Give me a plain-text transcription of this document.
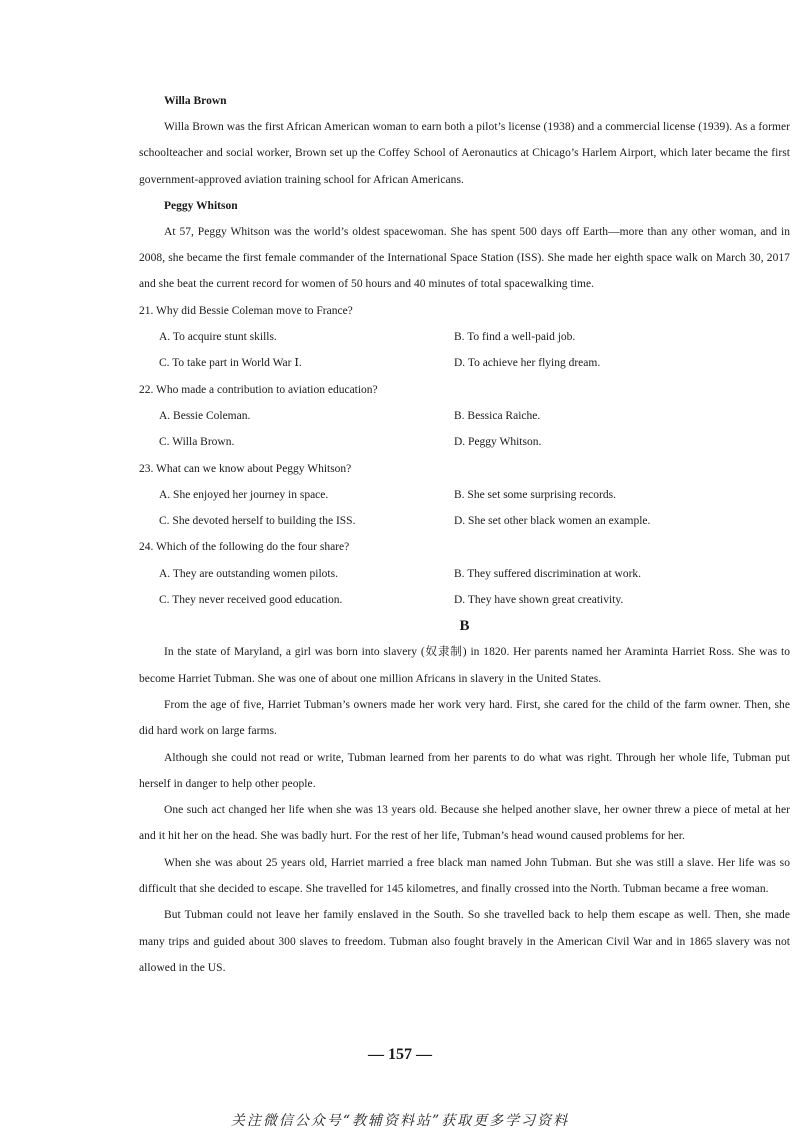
Willa Brown

Willa Brown was the first African American woman to earn both a pilot’s license (1938) and a commercial license (1939). As a former schoolteacher and social worker, Brown set up the Coffey School of Aeronautics at Chicago’s Harlem Airport, which later became the first government-approved aviation training school for African Americans.

Peggy Whitson

At 57, Peggy Whitson was the world’s oldest spacewoman. She has spent 500 days off Earth—more than any other woman, and in 2008, she became the first female commander of the International Space Station (ISS). She made her eighth space walk on March 30, 2017 and she beat the current record for women of 50 hours and 40 minutes of total spacewalking time.

21. Why did Bessie Coleman move to France?

A. To acquire stunt skills.	B. To find a well-paid job.
C. To take part in World War Ⅰ.	D. To achieve her flying dream.

22. Who made a contribution to aviation education?

A. Bessie Coleman.	B. Bessica Raiche.
C. Willa Brown.	D. Peggy Whitson.

23. What can we know about Peggy Whitson?

A. She enjoyed her journey in space.	B. She set some surprising records.
C. She devoted herself to building the ISS.	D. She set other black women an example.

24. Which of the following do the four share?

A. They are outstanding women pilots.	B. They suffered discrimination at work.
C. They never received good education.	D. They have shown great creativity.

B

In the state of Maryland, a girl was born into slavery (奴隶制) in 1820. Her parents named her Araminta Harriet Ross. She was to become Harriet Tubman. She was one of about one million Africans in slavery in the United States.

From the age of five, Harriet Tubman’s owners made her work very hard. First, she cared for the child of the farm owner. Then, she did hard work on large farms.

Although she could not read or write, Tubman learned from her parents to do what was right. Through her whole life, Tubman put herself in danger to help other people.

One such act changed her life when she was 13 years old. Because she helped another slave, her owner threw a piece of metal at her and it hit her on the head. She was badly hurt. For the rest of her life, Tubman’s head wound caused problems for her.

When she was about 25 years old, Harriet married a free black man named John Tubman. But she was still a slave. Her life was so difficult that she decided to escape. She travelled for 145 kilometres, and finally crossed into the North. Tubman became a free woman.

But Tubman could not leave her family enslaved in the South. So she travelled back to help them escape as well. Then, she made many trips and guided about 300 slaves to freedom. Tubman also fought bravely in the American Civil War and in 1865 slavery was not allowed in the US.

— 157 —
关注微信公众号“教辅资料站”获取更多学习资料
